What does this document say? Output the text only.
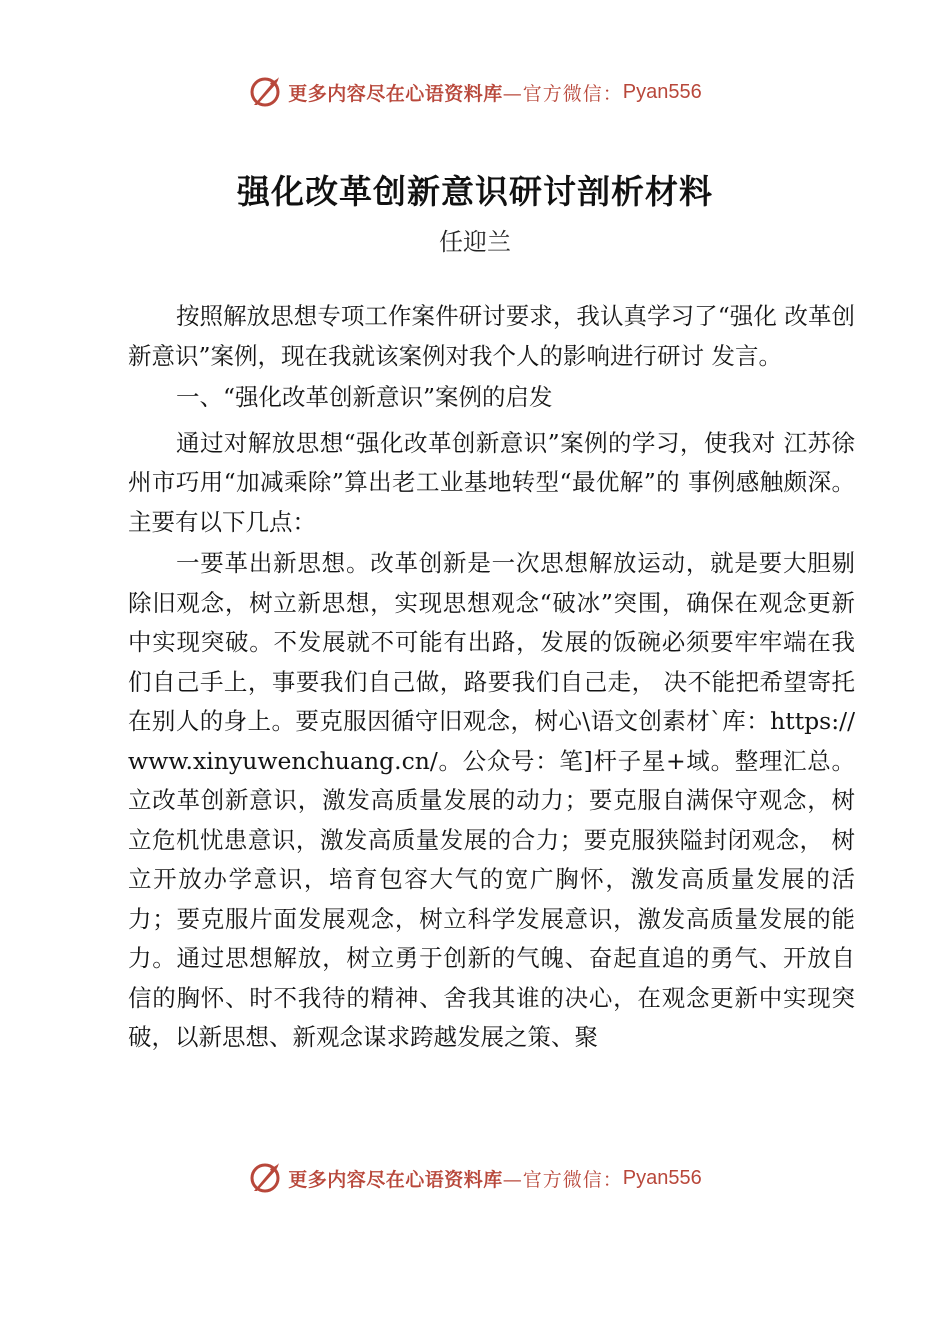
更多内容尽在心语资料库 —官方微信： Pyan556
强化改革创新意识研讨剖析材料
任迎兰

按照解放思想专项工作案件研讨要求，我认真学习了“强化 改革创新意识”案例，现在我就该案例对我个人的影响进行研讨 发言。

一、“强化改革创新意识”案例的启发

通过对解放思想“强化改革创新意识”案例的学习，使我对 江苏徐州市巧用“加减乘除”算出老工业基地转型“最优解”的 事例感触颇深。主要有以下几点：

一要革出新思想。改革创新是一次思想解放运动，就是要大胆剔除旧观念，树立新思想，实现思想观念“破冰”突围，确保在观念更新中实现突破。不发展就不可能有出路，发展的饭碗必须要牢牢端在我们自己手上，事要我们自己做，路要我们自己走， 决不能把希望寄托在别人的身上。要克服因循守旧观念，树心\语文创素材`库：https://www.xinyuwenchuang.cn/。公众号：笔]杆子星+域。整理汇总。立改革创新意识，激发高质量发展的动力；要克服自满保守观念，树立危机忧患意识，激发高质量发展的合力；要克服狭隘封闭观念， 树立开放办学意识，培育包容大气的宽广胸怀，激发高质量发展的活力；要克服片面发展观念，树立科学发展意识，激发高质量发展的能力。通过思想解放，树立勇于创新的气魄、奋起直追的勇气、开放自信的胸怀、时不我待的精神、舍我其谁的决心，在观念更新中实现突破，以新思想、新观念谋求跨越发展之策、聚

更多内容尽在心语资料库 —官方微信： Pyan556
